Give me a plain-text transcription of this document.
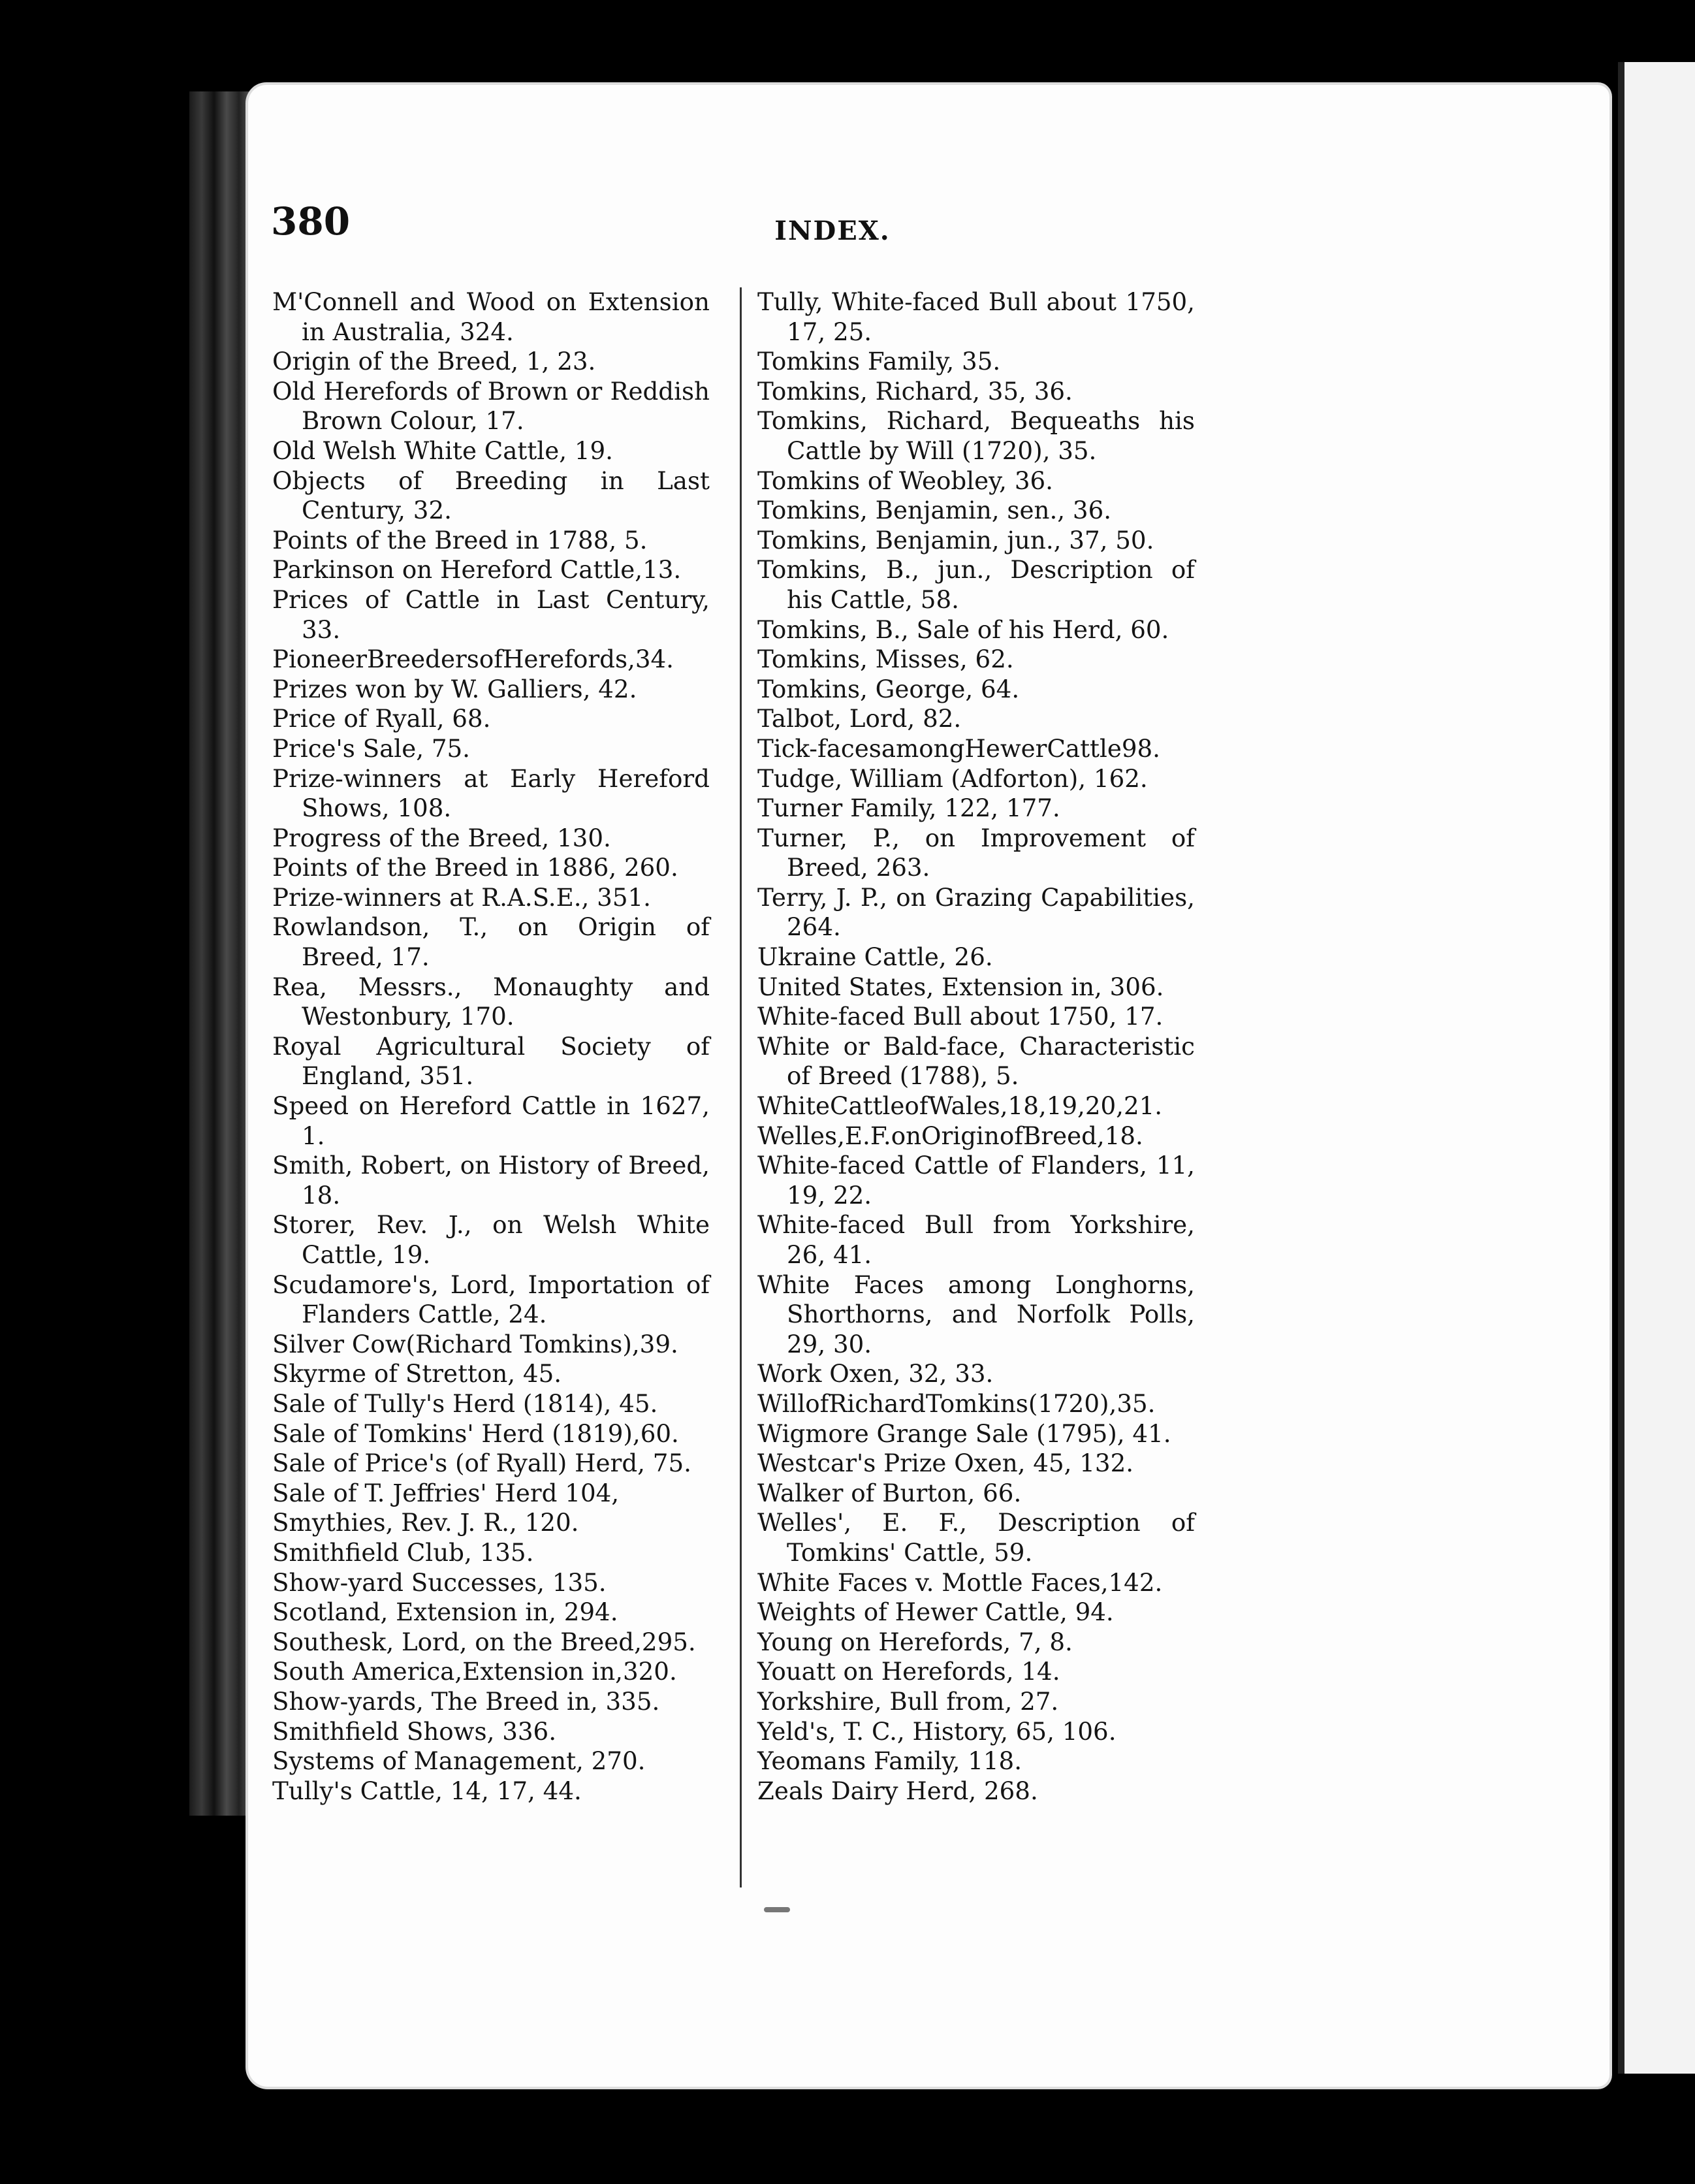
380	INDEX.

M'Connell and Wood on Extension in Australia, 324.

Origin of the Breed, 1, 23.

Old Herefords of Brown or Reddish Brown Colour, 17.

Old Welsh White Cattle, 19.

Objects of Breeding in Last Century, 32.

Points of the Breed in 1788, 5.

Parkinson on Hereford Cattle,13.

Prices of Cattle in Last Century, 33.

PioneerBreedersofHerefords,34.

Prizes won by W. Galliers, 42.

Price of Ryall, 68.

Price's Sale, 75.

Prize-winners at Early Hereford Shows, 108.

Progress of the Breed, 130.

Points of the Breed in 1886, 260.

Prize-winners at R.A.S.E., 351.

Rowlandson, T., on Origin of Breed, 17.

Rea, Messrs., Monaughty and Westonbury, 170.

Royal Agricultural Society of England, 351.

Speed on Hereford Cattle in 1627, 1.

Smith, Robert, on History of Breed, 18.

Storer, Rev. J., on Welsh White Cattle, 19.

Scudamore's, Lord, Importation of Flanders Cattle, 24.

Silver Cow(Richard Tomkins),39.

Skyrme of Stretton, 45.

Sale of Tully's Herd (1814), 45.

Sale of Tomkins' Herd (1819),60.

Sale of Price's (of Ryall) Herd, 75.

Sale of T. Jeffries' Herd 104,

Smythies, Rev. J. R., 120.

Smithfield Club, 135.

Show-yard Successes, 135.

Scotland, Extension in, 294.

Southesk, Lord, on the Breed,295.

South America,Extension in,320.

Show-yards, The Breed in, 335.

Smithfield Shows, 336.

Systems of Management, 270.

Tully's Cattle, 14, 17, 44.

Tully, White-faced Bull about 1750, 17, 25.

Tomkins Family, 35.

Tomkins, Richard, 35, 36.

Tomkins, Richard, Bequeaths his Cattle by Will (1720), 35.

Tomkins of Weobley, 36.

Tomkins, Benjamin, sen., 36.

Tomkins, Benjamin, jun., 37, 50.

Tomkins, B., jun., Description of his Cattle, 58.

Tomkins, B., Sale of his Herd, 60.

Tomkins, Misses, 62.

Tomkins, George, 64.

Talbot, Lord, 82.

Tick-facesamongHewerCattle98.

Tudge, William (Adforton), 162.

Turner Family, 122, 177.

Turner, P., on Improvement of Breed, 263.

Terry, J. P., on Grazing Capabilities, 264.

Ukraine Cattle, 26.

United States, Extension in, 306.

White-faced Bull about 1750, 17.

White or Bald-face, Characteristic of Breed (1788), 5.

WhiteCattleofWales,18,19,20,21.

Welles,E.F.onOriginofBreed,18.

White-faced Cattle of Flanders, 11, 19, 22.

White-faced Bull from Yorkshire, 26, 41.

White Faces among Longhorns, Shorthorns, and Norfolk Polls, 29, 30.

Work Oxen, 32, 33.

WillofRichardTomkins(1720),35.

Wigmore Grange Sale (1795), 41.

Westcar's Prize Oxen, 45, 132.

Walker of Burton, 66.

Welles', E. F., Description of Tomkins' Cattle, 59.

White Faces v. Mottle Faces,142.

Weights of Hewer Cattle, 94.

Young on Herefords, 7, 8.

Youatt on Herefords, 14.

Yorkshire, Bull from, 27.

Yeld's, T. C., History, 65, 106.

Yeomans Family, 118.

Zeals Dairy Herd, 268.
